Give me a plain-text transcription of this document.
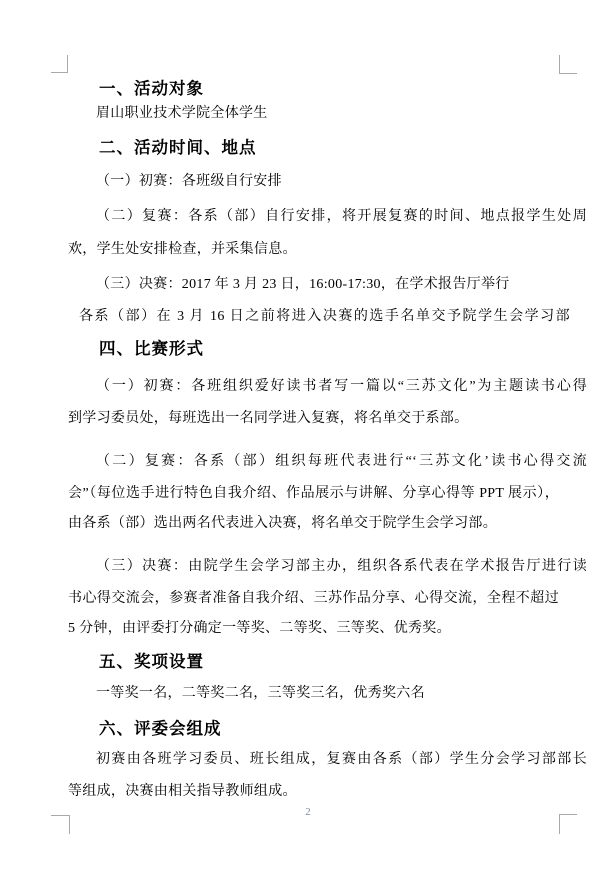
一、活动对象
眉山职业技术学院全体学生
二、活动时间、地点
（一）初赛：各班级自行安排
（二）复赛：各系（部）自行安排，将开展复赛的时间、地点报学生处周
欢，学生处安排检查，并采集信息。
（三）决赛：2017 年 3 月 23 日，16:00-17:30，在学术报告厅举行
各系（部）在 3 月 16 日之前将进入决赛的选手名单交予院学生会学习部
四、比赛形式
（一）初赛：各班组织爱好读书者写一篇以“三苏文化”为主题读书心得
到学习委员处，每班选出一名同学进入复赛，将名单交于系部。
（二）复赛：各系（部）组织每班代表进行“‘三苏文化’读书心得交流
会”（每位选手进行特色自我介绍、作品展示与讲解、分享心得等 PPT 展示），
由各系（部）选出两名代表进入决赛，将名单交于院学生会学习部。
（三）决赛：由院学生会学习部主办，组织各系代表在学术报告厅进行读
书心得交流会，参赛者准备自我介绍、三苏作品分享、心得交流，全程不超过
5 分钟，由评委打分确定一等奖、二等奖、三等奖、优秀奖。
五、奖项设置
一等奖一名，二等奖二名，三等奖三名，优秀奖六名
六、评委会组成
初赛由各班学习委员、班长组成，复赛由各系（部）学生分会学习部部长
等组成，决赛由相关指导教师组成。
2
